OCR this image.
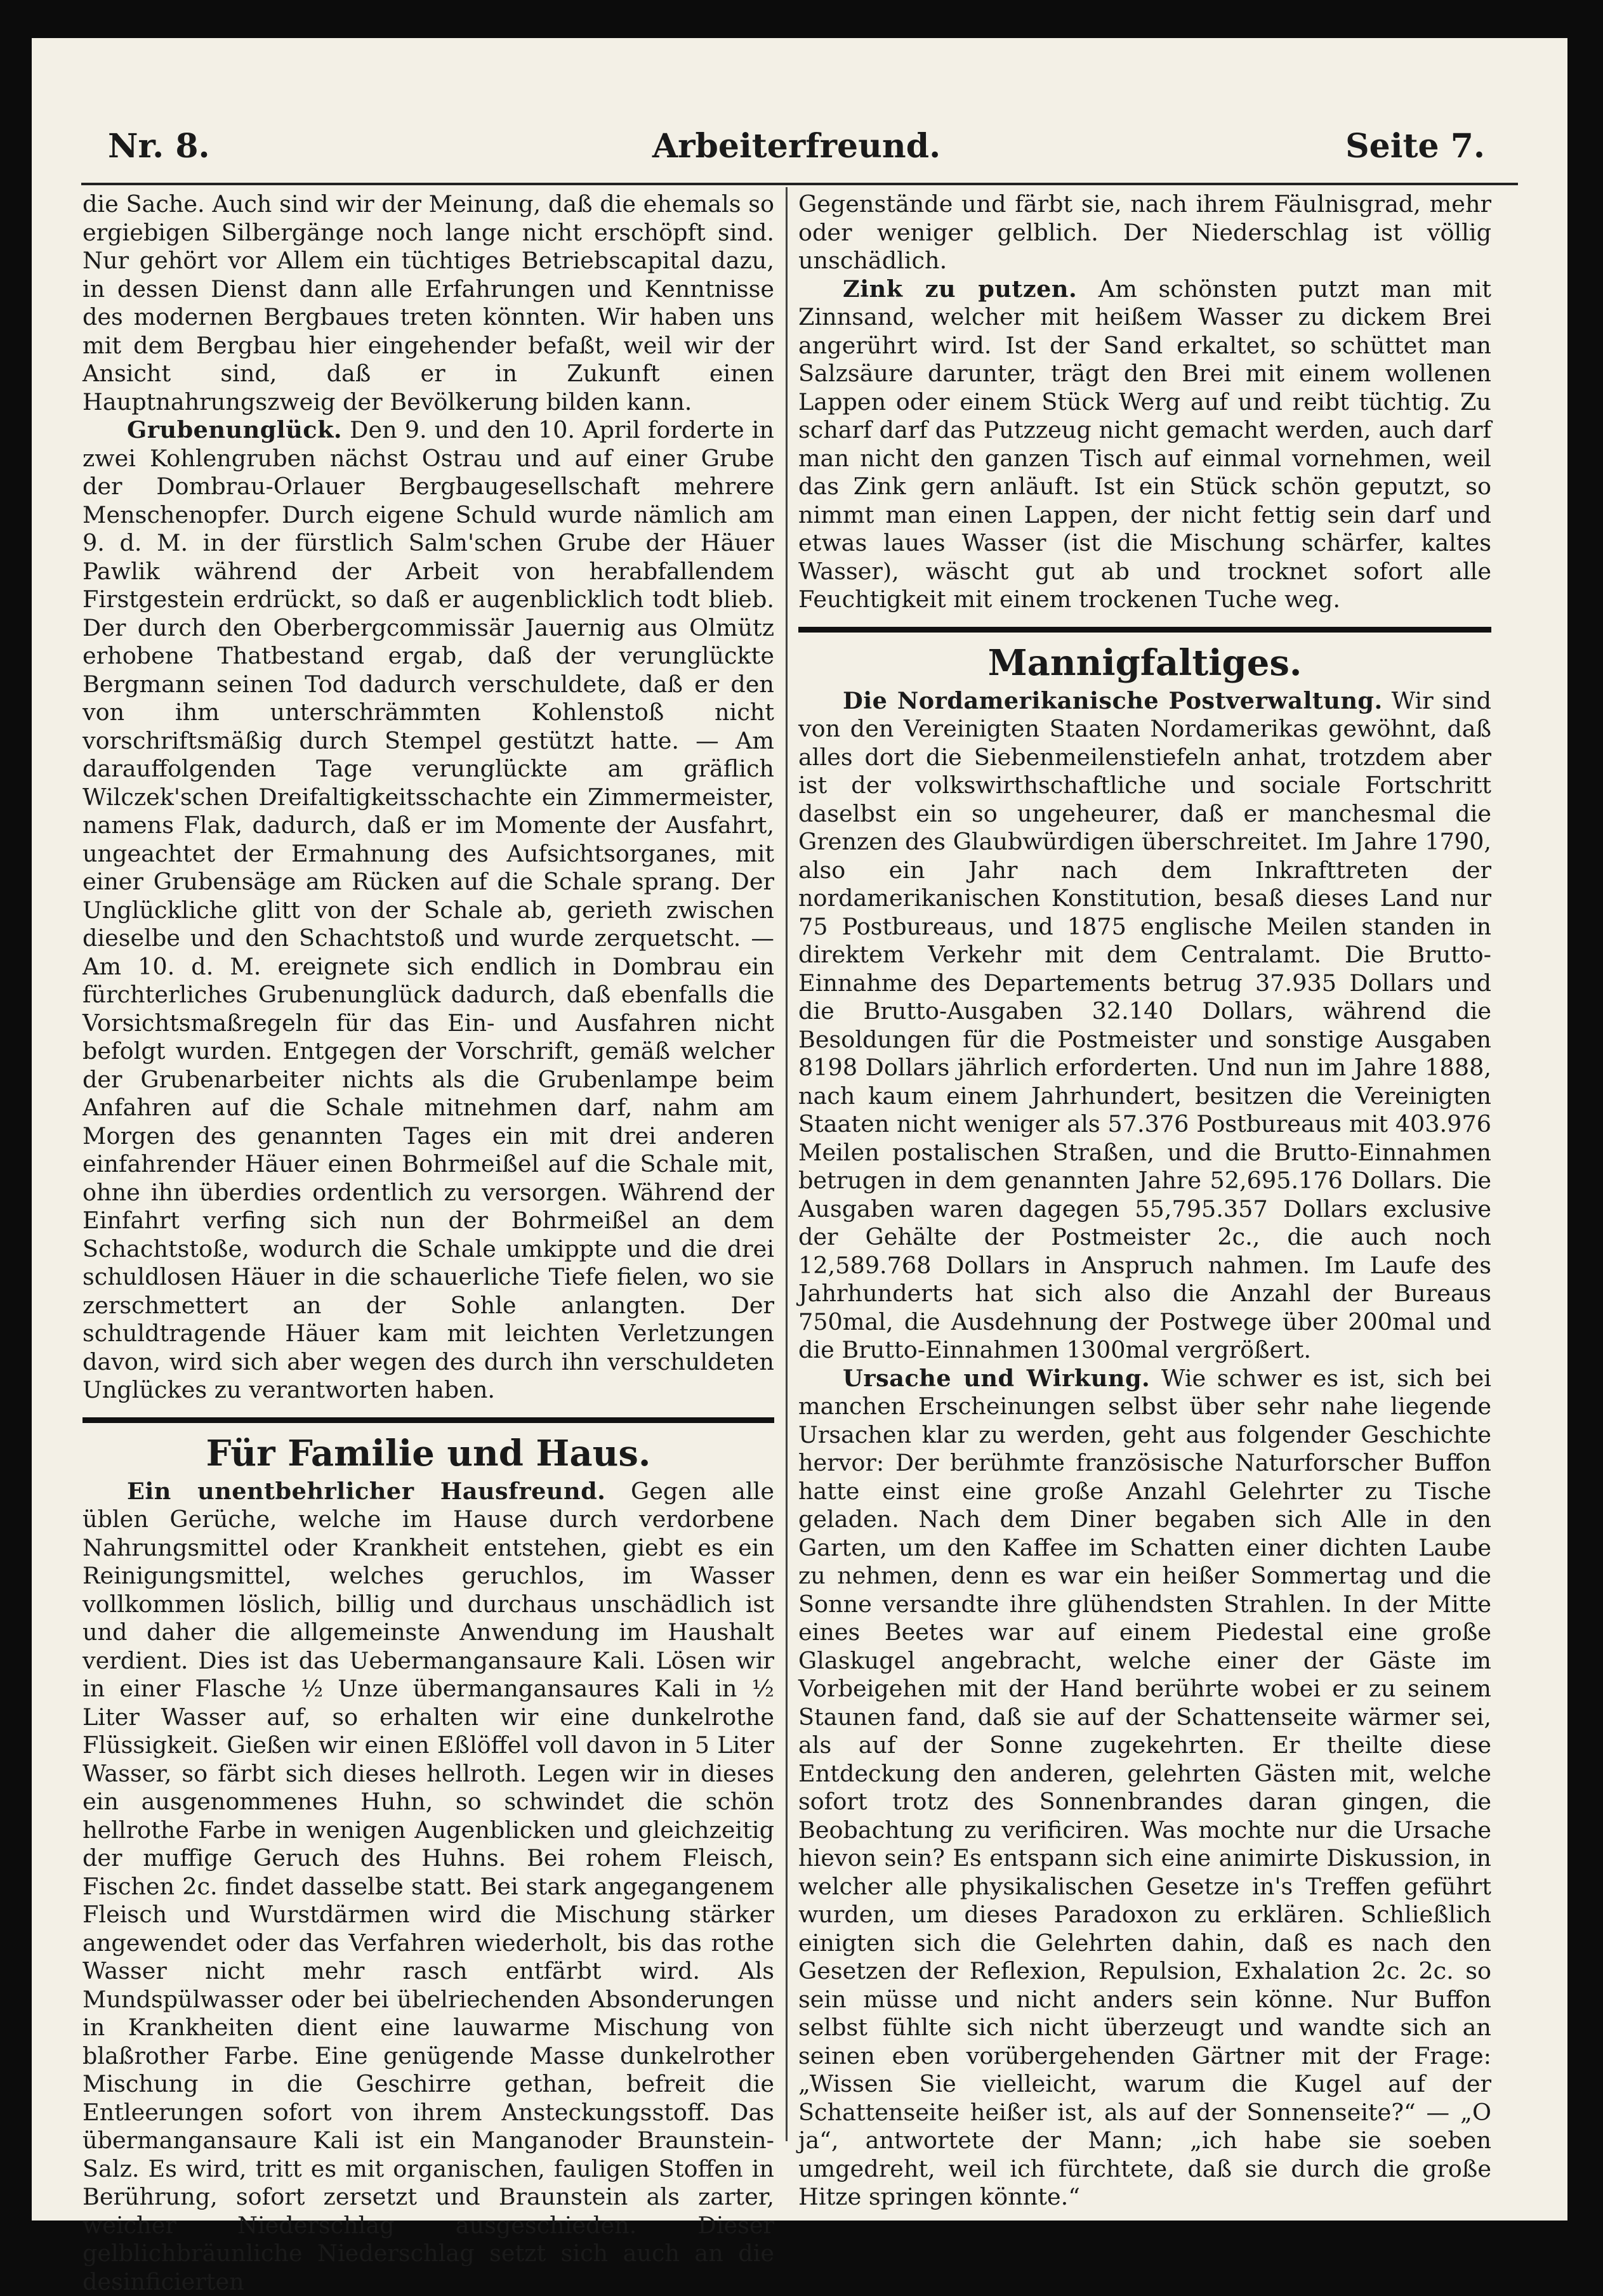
Arbeiterfreund.
Nr. 8.	Seite 7.

die Sache. Auch sind wir der Meinung, daß die ehemals so ergiebigen Silbergänge noch lange nicht erschöpft sind. Nur gehört vor Allem ein tüchtiges Betriebscapital dazu, in dessen Dienst dann alle Erfahrungen und Kenntnisse des modernen Bergbaues treten könnten. Wir haben uns mit dem Bergbau hier eingehender befaßt, weil wir der Ansicht sind, daß er in Zukunft einen Hauptnahrungszweig der Bevölkerung bilden kann.

Grubenunglück. Den 9. und den 10. April forderte in zwei Kohlengruben nächst Ostrau und auf einer Grube der Dombrau-Orlauer Bergbaugesellschaft mehrere Menschenopfer. Durch eigene Schuld wurde nämlich am 9. d. M. in der fürstlich Salm'schen Grube der Häuer Pawlik während der Arbeit von herabfallendem Firstgestein erdrückt, so daß er augenblicklich todt blieb. Der durch den Oberbergcommissär Jauernig aus Olmütz erhobene Thatbestand ergab, daß der verunglückte Bergmann seinen Tod dadurch verschuldete, daß er den von ihm unterschrämmten Kohlenstoß nicht vorschriftsmäßig durch Stempel gestützt hatte. — Am darauffolgenden Tage verunglückte am gräflich Wilczek'schen Dreifaltigkeitsschachte ein Zimmermeister, namens Flak, dadurch, daß er im Momente der Ausfahrt, ungeachtet der Ermahnung des Aufsichtsorganes, mit einer Grubensäge am Rücken auf die Schale sprang. Der Unglückliche glitt von der Schale ab, gerieth zwischen dieselbe und den Schachtstoß und wurde zerquetscht. — Am 10. d. M. ereignete sich endlich in Dombrau ein fürchterliches Grubenunglück dadurch, daß ebenfalls die Vorsichtsmaßregeln für das Ein- und Ausfahren nicht befolgt wurden. Entgegen der Vorschrift, gemäß welcher der Grubenarbeiter nichts als die Grubenlampe beim Anfahren auf die Schale mitnehmen darf, nahm am Morgen des genannten Tages ein mit drei anderen einfahrender Häuer einen Bohrmeißel auf die Schale mit, ohne ihn überdies ordentlich zu versorgen. Während der Einfahrt verfing sich nun der Bohrmeißel an dem Schachtstoße, wodurch die Schale umkippte und die drei schuldlosen Häuer in die schauerliche Tiefe fielen, wo sie zerschmettert an der Sohle anlangten. Der schuldtragende Häuer kam mit leichten Verletzungen davon, wird sich aber wegen des durch ihn verschuldeten Unglückes zu verantworten haben.

Für Familie und Haus.

Ein unentbehrlicher Hausfreund. Gegen alle üblen Gerüche, welche im Hause durch verdorbene Nahrungsmittel oder Krankheit entstehen, giebt es ein Reinigungsmittel, welches geruchlos, im Wasser vollkommen löslich, billig und durchaus unschädlich ist und daher die allgemeinste Anwendung im Haushalt verdient. Dies ist das Uebermangansaure Kali. Lösen wir in einer Flasche ½ Unze übermangansaures Kali in ½ Liter Wasser auf, so erhalten wir eine dunkelrothe Flüssigkeit. Gießen wir einen Eßlöffel voll davon in 5 Liter Wasser, so färbt sich dieses hellroth. Legen wir in dieses ein ausgenommenes Huhn, so schwindet die schön hellrothe Farbe in wenigen Augenblicken und gleichzeitig der muffige Geruch des Huhns. Bei rohem Fleisch, Fischen 2c. findet dasselbe statt. Bei stark angegangenem Fleisch und Wurstdärmen wird die Mischung stärker angewendet oder das Verfahren wiederholt, bis das rothe Wasser nicht mehr rasch entfärbt wird. Als Mundspülwasser oder bei übelriechenden Absonderungen in Krankheiten dient eine lauwarme Mischung von blaßrother Farbe. Eine genügende Masse dunkelrother Mischung in die Geschirre gethan, befreit die Entleerungen sofort von ihrem Ansteckungsstoff. Das übermangansaure Kali ist ein Manganoder Braunstein-Salz. Es wird, tritt es mit organischen, fauligen Stoffen in Berührung, sofort zersetzt und Braunstein als zarter, weicher Niederschlag ausgeschieden. Dieser gelblichbräunliche Niederschlag setzt sich auch an die desinficierten

Gegenstände und färbt sie, nach ihrem Fäulnisgrad, mehr oder weniger gelblich. Der Niederschlag ist völlig unschädlich.

Zink zu putzen. Am schönsten putzt man mit Zinnsand, welcher mit heißem Wasser zu dickem Brei angerührt wird. Ist der Sand erkaltet, so schüttet man Salzsäure darunter, trägt den Brei mit einem wollenen Lappen oder einem Stück Werg auf und reibt tüchtig. Zu scharf darf das Putzzeug nicht gemacht werden, auch darf man nicht den ganzen Tisch auf einmal vornehmen, weil das Zink gern anläuft. Ist ein Stück schön geputzt, so nimmt man einen Lappen, der nicht fettig sein darf und etwas laues Wasser (ist die Mischung schärfer, kaltes Wasser), wäscht gut ab und trocknet sofort alle Feuchtigkeit mit einem trockenen Tuche weg.

Mannigfaltiges.

Die Nordamerikanische Postverwaltung. Wir sind von den Vereinigten Staaten Nordamerikas gewöhnt, daß alles dort die Siebenmeilenstiefeln anhat, trotzdem aber ist der volkswirthschaftliche und sociale Fortschritt daselbst ein so ungeheurer, daß er manchesmal die Grenzen des Glaubwürdigen überschreitet. Im Jahre 1790, also ein Jahr nach dem Inkrafttreten der nordamerikanischen Konstitution, besaß dieses Land nur 75 Postbureaus, und 1875 englische Meilen standen in direktem Verkehr mit dem Centralamt. Die Brutto-Einnahme des Departements betrug 37.935 Dollars und die Brutto-Ausgaben 32.140 Dollars, während die Besoldungen für die Postmeister und sonstige Ausgaben 8198 Dollars jährlich erforderten. Und nun im Jahre 1888, nach kaum einem Jahrhundert, besitzen die Vereinigten Staaten nicht weniger als 57.376 Postbureaus mit 403.976 Meilen postalischen Straßen, und die Brutto-Einnahmen betrugen in dem genannten Jahre 52,695.176 Dollars. Die Ausgaben waren dagegen 55,795.357 Dollars exclusive der Gehälte der Postmeister 2c., die auch noch 12,589.768 Dollars in Anspruch nahmen. Im Laufe des Jahrhunderts hat sich also die Anzahl der Bureaus 750mal, die Ausdehnung der Postwege über 200mal und die Brutto-Einnahmen 1300mal vergrößert.

Ursache und Wirkung. Wie schwer es ist, sich bei manchen Erscheinungen selbst über sehr nahe liegende Ursachen klar zu werden, geht aus folgender Geschichte hervor: Der berühmte französische Naturforscher Buffon hatte einst eine große Anzahl Gelehrter zu Tische geladen. Nach dem Diner begaben sich Alle in den Garten, um den Kaffee im Schatten einer dichten Laube zu nehmen, denn es war ein heißer Sommertag und die Sonne versandte ihre glühendsten Strahlen. In der Mitte eines Beetes war auf einem Piedestal eine große Glaskugel angebracht, welche einer der Gäste im Vorbeigehen mit der Hand berührte wobei er zu seinem Staunen fand, daß sie auf der Schattenseite wärmer sei, als auf der Sonne zugekehrten. Er theilte diese Entdeckung den anderen, gelehrten Gästen mit, welche sofort trotz des Sonnenbrandes daran gingen, die Beobachtung zu verificiren. Was mochte nur die Ursache hievon sein? Es entspann sich eine animirte Diskussion, in welcher alle physikalischen Gesetze in's Treffen geführt wurden, um dieses Paradoxon zu erklären. Schließlich einigten sich die Gelehrten dahin, daß es nach den Gesetzen der Reflexion, Repulsion, Exhalation 2c. 2c. so sein müsse und nicht anders sein könne. Nur Buffon selbst fühlte sich nicht überzeugt und wandte sich an seinen eben vorübergehenden Gärtner mit der Frage: „Wissen Sie vielleicht, warum die Kugel auf der Schattenseite heißer ist, als auf der Sonnenseite?“ — „O ja“, antwortete der Mann; „ich habe sie soeben umgedreht, weil ich fürchtete, daß sie durch die große Hitze springen könnte.“
